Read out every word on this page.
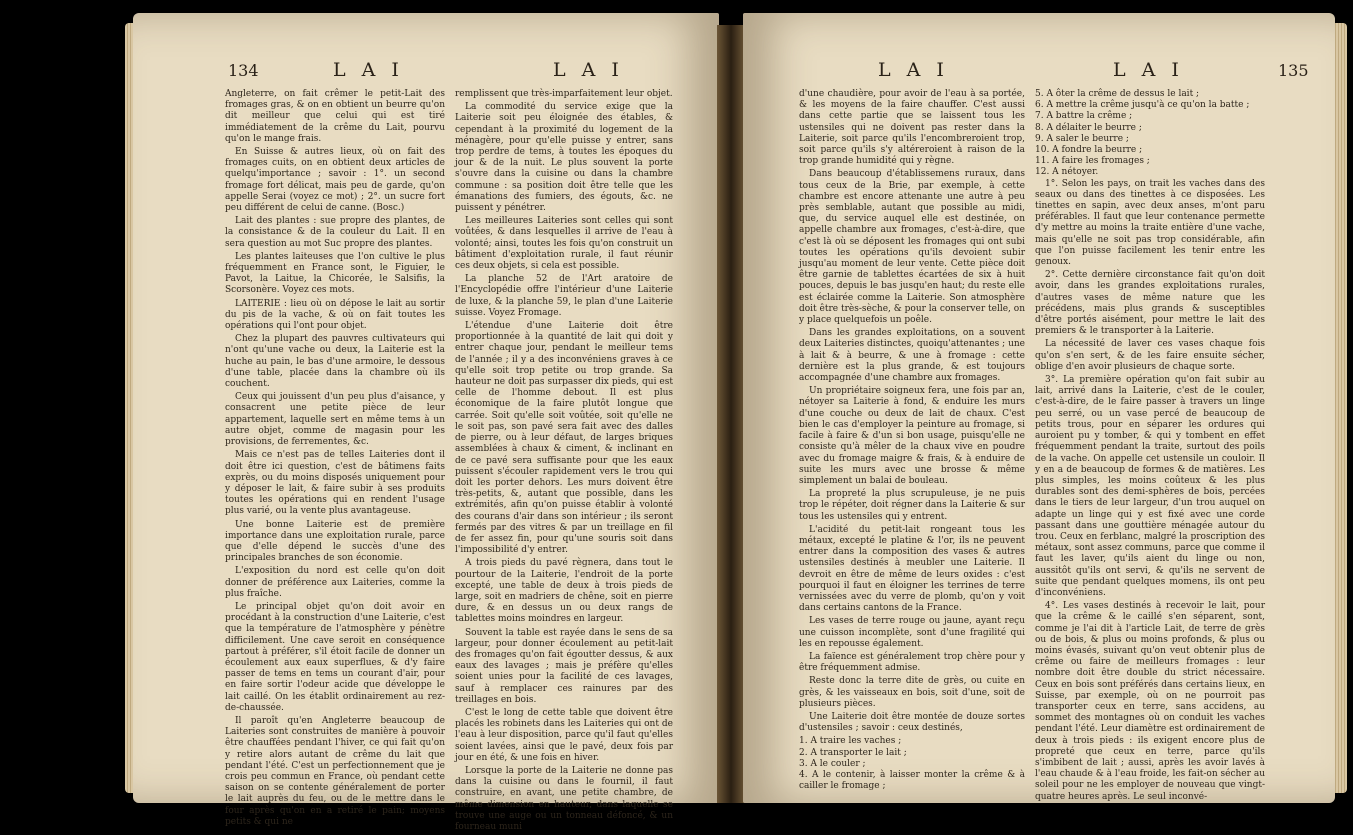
134	L A I	L A I

Angleterre, on fait crêmer le petit-Lait des fromages gras, & on en obtient un beurre qu'on dit meilleur que celui qui est tiré immédiatement de la crême du Lait, pourvu qu'on le mange frais.

En Suisse & autres lieux, où on fait des fromages cuits, on en obtient deux articles de quelqu'importance ; savoir : 1°. un second fromage fort délicat, mais peu de garde, qu'on appelle Serai (voyez ce mot) ; 2°. un sucre fort peu différent de celui de canne. (Bosc.)

Lait des plantes : sue propre des plantes, de la consistance & de la couleur du Lait. Il en sera question au mot Suc propre des plantes.

Les plantes laiteuses que l'on cultive le plus fréquemment en France sont, le Figuier, le Pavot, la Laitue, la Chicorée, le Salsifis, la Scorsonère. Voyez ces mots.

LAITERIE : lieu où on dépose le lait au sortir du pis de la vache, & où on fait toutes les opérations qui l'ont pour objet.

Chez la plupart des pauvres cultivateurs qui n'ont qu'une vache ou deux, la Laiterie est la huche au pain, le bas d'une armoire, le dessous d'une table, placée dans la chambre où ils couchent.

Ceux qui jouissent d'un peu plus d'aisance, y consacrent une petite pièce de leur appartement, laquelle sert en même tems à un autre objet, comme de magasin pour les provisions, de ferrementes, &c.

Mais ce n'est pas de telles Laiteries dont il doit être ici question, c'est de bâtimens faits exprès, ou du moins disposés uniquement pour y déposer le lait, & faire subir à ses produits toutes les opérations qui en rendent l'usage plus varié, ou la vente plus avantageuse.

Une bonne Laiterie est de première importance dans une exploitation rurale, parce que d'elle dépend le succès d'une des principales branches de son économie.

L'exposition du nord est celle qu'on doit donner de préférence aux Laiteries, comme la plus fraîche.

Le principal objet qu'on doit avoir en procédant à la construction d'une Laiterie, c'est que la température de l'atmosphère y pénètre difficilement. Une cave seroit en conséquence partout à préférer, s'il étoit facile de donner un écoulement aux eaux superflues, & d'y faire passer de tems en tems un courant d'air, pour en faire sortir l'odeur acide que développe le lait caillé. On les établit ordinairement au rez-de-chaussée.

Il paroît qu'en Angleterre beaucoup de Laiteries sont construites de manière à pouvoir être chauffées pendant l'hiver, ce qui fait qu'on y retire alors autant de crême du lait que pendant l'été. C'est un perfectionnement que je crois peu commun en France, où pendant cette saison on se contente généralement de porter le lait auprès du feu, ou de le mettre dans le four après qu'on en a retiré le pain; moyens petits & qui ne

remplissent que très-imparfaitement leur objet.

La commodité du service exige que la Laiterie soit peu éloignée des étables, & cependant à la proximité du logement de la ménagère, pour qu'elle puisse y entrer, sans trop perdre de tems, à toutes les époques du jour & de la nuit. Le plus souvent la porte s'ouvre dans la cuisine ou dans la chambre commune : sa position doit être telle que les émanations des fumiers, des égouts, &c. ne puissent y pénétrer.

Les meilleures Laiteries sont celles qui sont voûtées, & dans lesquelles il arrive de l'eau à volonté; ainsi, toutes les fois qu'on construit un bâtiment d'exploitation rurale, il faut réunir ces deux objets, si cela est possible.

La planche 52 de l'Art aratoire de l'Encyclopédie offre l'intérieur d'une Laiterie de luxe, & la planche 59, le plan d'une Laiterie suisse. Voyez Fromage.

L'étendue d'une Laiterie doit être proportionnée à la quantité de lait qui doit y entrer chaque jour, pendant le meilleur tems de l'année ; il y a des inconvéniens graves à ce qu'elle soit trop petite ou trop grande. Sa hauteur ne doit pas surpasser dix pieds, qui est celle de l'homme debout. Il est plus économique de la faire plutôt longue que carrée. Soit qu'elle soit voûtée, soit qu'elle ne le soit pas, son pavé sera fait avec des dalles de pierre, ou à leur défaut, de larges briques assemblées à chaux & ciment, & inclinant en de ce pavé sera suffisante pour que les eaux puissent s'écouler rapidement vers le trou qui doit les porter dehors. Les murs doivent être très-petits, &, autant que possible, dans les extrémités, afin qu'on puisse établir à volonté des courans d'air dans son intérieur ; ils seront fermés par des vitres & par un treillage en fil de fer assez fin, pour qu'une souris soit dans l'impossibilité d'y entrer.

A trois pieds du pavé règnera, dans tout le pourtour de la Laiterie, l'endroit de la porte excepté, une table de deux à trois pieds de large, soit en madriers de chêne, soit en pierre dure, & en dessus un ou deux rangs de tablettes moins moindres en largeur.

Souvent la table est rayée dans le sens de sa largeur, pour donner écoulement au petit-lait des fromages qu'on fait égoutter dessus, & aux eaux des lavages ; mais je préfère qu'elles soient unies pour la facilité de ces lavages, sauf à remplacer ces rainures par des treillages en bois.

C'est le long de cette table que doivent être placés les robinets dans les Laiteries qui ont de l'eau à leur disposition, parce qu'il faut qu'elles soient lavées, ainsi que le pavé, deux fois par jour en été, & une fois en hiver.

Lorsque la porte de la Laiterie ne donne pas dans la cuisine ou dans le fournil, il faut construire, en avant, une petite chambre, de même dimension en hauteur, dans laquelle se trouve une auge ou un tonneau défoncé, & un fourneau muni

L A I	L A I	135

d'une chaudière, pour avoir de l'eau à sa portée, & les moyens de la faire chauffer. C'est aussi dans cette partie que se laissent tous les ustensiles qui ne doivent pas rester dans la Laiterie, soit parce qu'ils l'encombreroient trop, soit parce qu'ils s'y altéreroient à raison de la trop grande humidité qui y règne.

Dans beaucoup d'établissemens ruraux, dans tous ceux de la Brie, par exemple, à cette chambre est encore attenante une autre à peu près semblable, autant que possible au midi, que, du service auquel elle est destinée, on appelle chambre aux fromages, c'est-à-dire, que c'est là où se déposent les fromages qui ont subi toutes les opérations qu'ils devoient subir jusqu'au moment de leur vente. Cette pièce doit être garnie de tablettes écartées de six à huit pouces, depuis le bas jusqu'en haut; du reste elle est éclairée comme la Laiterie. Son atmosphère doit être très-sèche, & pour la conserver telle, on y place quelquefois un poêle.

Dans les grandes exploitations, on a souvent deux Laiteries distinctes, quoiqu'attenantes ; une à lait & à beurre, & une à fromage : cette dernière est la plus grande, & est toujours accompagnée d'une chambre aux fromages.

Un propriétaire soigneux fera, une fois par an, nétoyer sa Laiterie à fond, & enduire les murs d'une couche ou deux de lait de chaux. C'est bien le cas d'employer la peinture au fromage, si facile à faire & d'un si bon usage, puisqu'elle ne consiste qu'à mêler de la chaux vive en poudre avec du fromage maigre & frais, & à enduire de suite les murs avec une brosse & même simplement un balai de bouleau.

La propreté la plus scrupuleuse, je ne puis trop le répéter, doit régner dans la Laiterie & sur tous les ustensiles qui y entrent.

L'acidité du petit-lait rongeant tous les métaux, excepté le platine & l'or, ils ne peuvent entrer dans la composition des vases & autres ustensiles destinés à meubler une Laiterie. Il devroit en être de même de leurs oxides : c'est pourquoi il faut en éloigner les terrines de terre vernissées avec du verre de plomb, qu'on y voit dans certains cantons de la France.

Les vases de terre rouge ou jaune, ayant reçu une cuisson incomplète, sont d'une fragilité qui les en repousse également.

La faïence est généralement trop chère pour y être fréquemment admise.

Reste donc la terre dite de grès, ou cuite en grès, & les vaisseaux en bois, soit d'une, soit de plusieurs pièces.

Une Laiterie doit être montée de douze sortes d'ustensiles ; savoir : ceux destinés,

1. A traire les vaches ;
2. A transporter le lait ;
3. A le couler ;
4. A le contenir, à laisser monter la crême & à cailler le fromage ;
5. A ôter la crême de dessus le lait ;
6. A mettre la crême jusqu'à ce qu'on la batte ;
7. A battre la crême ;
8. A délaiter le beurre ;
9. A saler le beurre ;
10. A fondre la beurre ;
11. A faire les fromages ;
12. A nétoyer.

1°. Selon les pays, on trait les vaches dans des seaux ou dans des tinettes à ce disposées. Les tinettes en sapin, avec deux anses, m'ont paru préférables. Il faut que leur contenance permette d'y mettre au moins la traite entière d'une vache, mais qu'elle ne soit pas trop considérable, afin que l'on puisse facilement les tenir entre les genoux.

2°. Cette dernière circonstance fait qu'on doit avoir, dans les grandes exploitations rurales, d'autres vases de même nature que les précédens, mais plus grands & susceptibles d'être portés aisément, pour mettre le lait des premiers & le transporter à la Laiterie.

La nécessité de laver ces vases chaque fois qu'on s'en sert, & de les faire ensuite sécher, oblige d'en avoir plusieurs de chaque sorte.

3°. La première opération qu'on fait subir au lait, arrivé dans la Laiterie, c'est de le couler, c'est-à-dire, de le faire passer à travers un linge peu serré, ou un vase percé de beaucoup de petits trous, pour en séparer les ordures qui auroient pu y tomber, & qui y tombent en effet fréquemment pendant la traite, surtout des poils de la vache. On appelle cet ustensile un couloir. Il y en a de beaucoup de formes & de matières. Les plus simples, les moins coûteux & les plus durables sont des demi-sphères de bois, percées dans le tiers de leur largeur, d'un trou auquel on adapte un linge qui y est fixé avec une corde passant dans une gouttière ménagée autour du trou. Ceux en ferblanc, malgré la proscription des métaux, sont assez communs, parce que comme il faut les laver, qu'ils aient du linge ou non, aussitôt qu'ils ont servi, & qu'ils ne servent de suite que pendant quelques momens, ils ont peu d'inconvéniens.

4°. Les vases destinés à recevoir le lait, pour que la crême & le caillé s'en séparent, sont, comme je l'ai dit à l'article Lait, de terre de grès ou de bois, & plus ou moins profonds, & plus ou moins évasés, suivant qu'on veut obtenir plus de crême ou faire de meilleurs fromages : leur nombre doit être double du strict nécessaire. Ceux en bois sont préférés dans certains lieux, en Suisse, par exemple, où on ne pourroit pas transporter ceux en terre, sans accidens, au sommet des montagnes où on conduit les vaches pendant l'été. Leur diamètre est ordinairement de deux à trois pieds : ils exigent encore plus de propreté que ceux en terre, parce qu'ils s'imbibent de lait ; aussi, après les avoir lavés à l'eau chaude & à l'eau froide, les fait-on sécher au soleil pour ne les employer de nouveau que vingt-quatre heures après. Le seul inconvé-
